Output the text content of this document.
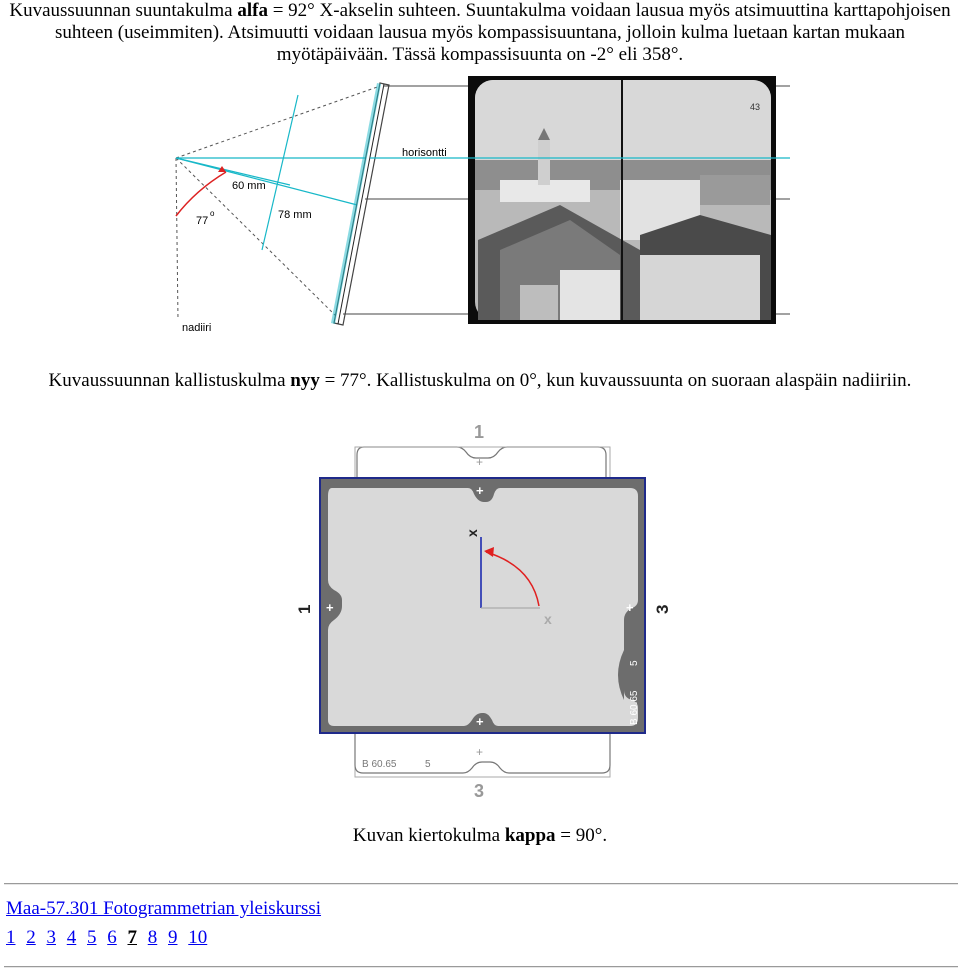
Kuvaussuunnan suuntakulma alfa = 92° X-akselin suhteen. Suuntakulma voidaan lausua myös atsimuuttina karttapohjoisen suhteen (useimmiten). Atsimuutti voidaan lausua myös kompassisuuntana, jolloin kulma luetaan kartan mukaan myötäpäivään. Tässä kompassisuunta on -2° eli 358°.
60 mm
78 mm
77
o
horisontti
nadiiri
43
Kuvaussuunnan kallistuskulma nyy = 77°. Kallistuskulma on 0°, kun kuvaussuunta on suoraan alaspäin nadiiriin.
1
3
B 60.65	5
+
+
+
+
+	+
B 60.65
5
x
x
1	3
Kuvan kiertokulma kappa = 90°.
Maa-57.301 Fotogrammetrian yleiskurssi
1 2 3 4 5 6 7 8 9 10
